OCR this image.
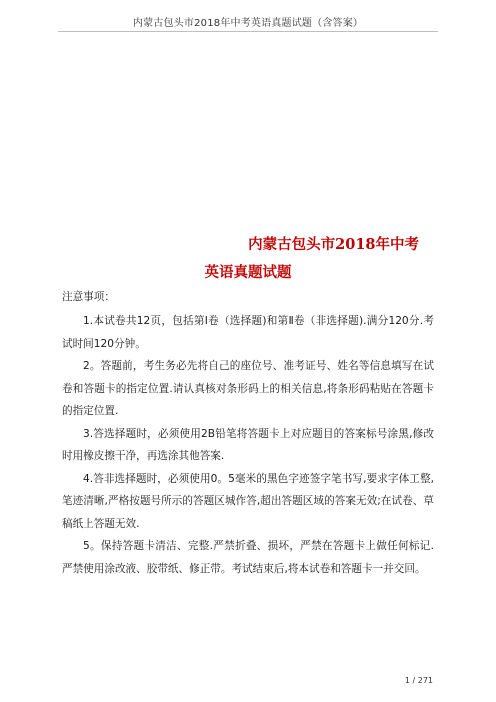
内蒙古包头市2018年中考英语真题试题（含答案）
内蒙古包头市2018年中考
英语真题试题
注意事项：

1.本试卷共12页，包括第Ⅰ卷（选择题)和第Ⅱ卷（非选择题).满分120分.考试时间120分钟。

2。答题前，考生务必先将自己的座位号、准考证号、姓名等信息填写在试卷和答题卡的指定位置.请认真核对条形码上的相关信息,将条形码粘贴在答题卡的指定位置.

3.答选择题时，必须使用2B铅笔将答题卡上对应题目的答案标号涂黑,修改时用橡皮擦干净，再选涂其他答案.

4.答非选择题时，必须使用0。5毫米的黑色字迹签字笔书写,要求字体工整,笔迹清晰,严格按题号所示的答题区城作答,超出答题区域的答案无效;在试卷、草稿纸上答题无效.

5。保持答题卡清洁、完整.严禁折叠、损坏，严禁在答题卡上做任何标记.严禁使用涂改液、胶带纸、修正带。考试结束后,将本试卷和答题卡一并交回。

1 / 271
